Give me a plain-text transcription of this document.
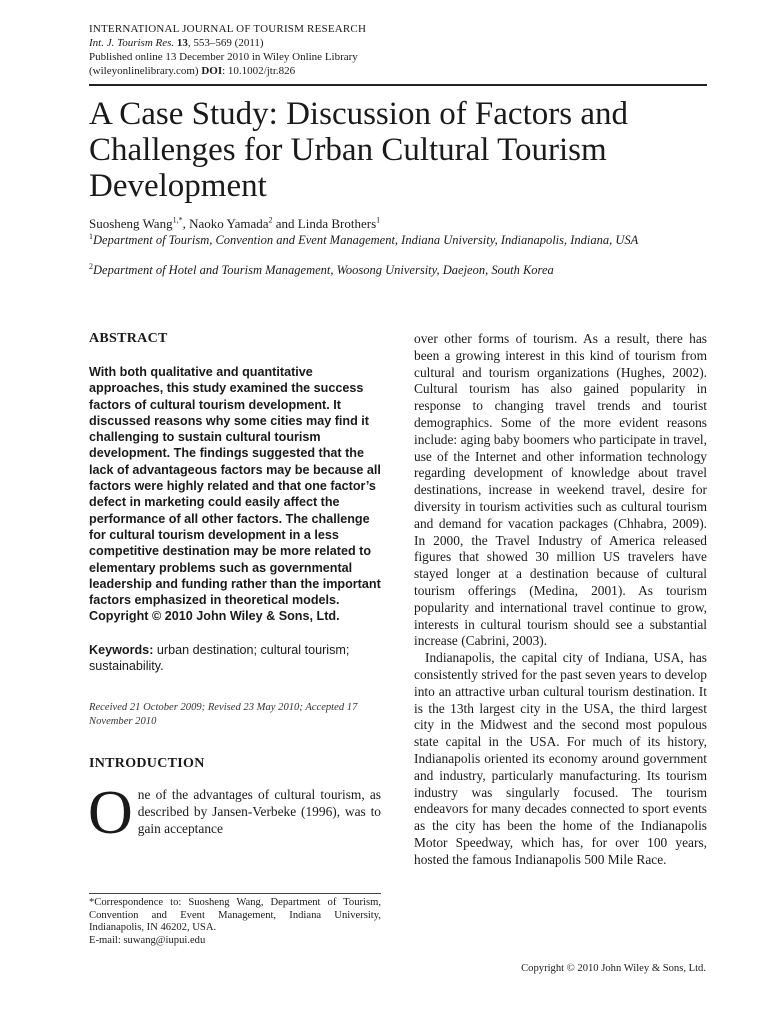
INTERNATIONAL JOURNAL OF TOURISM RESEARCH
Int. J. Tourism Res. 13, 553–569 (2011)
Published online 13 December 2010 in Wiley Online Library
(wileyonlinelibrary.com) DOI: 10.1002/jtr.826
A Case Study: Discussion of Factors and Challenges for Urban Cultural Tourism Development
Suosheng Wang$^{1,*}$, Naoko Yamada$^2$ and Linda Brothers$^1$
$^1$Department of Tourism, Convention and Event Management, Indiana University, Indianapolis, Indiana, USA
$^2$Department of Hotel and Tourism Management, Woosong University, Daejeon, South Korea
ABSTRACT
With both qualitative and quantitative approaches, this study examined the success factors of cultural tourism development. It discussed reasons why some cities may find it challenging to sustain cultural tourism development. The findings suggested that the lack of advantageous factors may be because all factors were highly related and that one factor’s defect in marketing could easily affect the performance of all other factors. The challenge for cultural tourism development in a less competitive destination may be more related to elementary problems such as governmental leadership and funding rather than the important factors emphasized in theoretical models. Copyright © 2010 John Wiley & Sons, Ltd.
Keywords: urban destination; cultural tourism; sustainability.
Received 21 October 2009; Revised 23 May 2010; Accepted 17 November 2010
INTRODUCTION
One of the advantages of cultural tourism, as described by Jansen-Verbeke (1996), was to gain acceptance
*Correspondence to: Suosheng Wang, Department of Tourism, Convention and Event Management, Indiana University, Indianapolis, IN 46202, USA.
E-mail: suwang@iupui.edu

over other forms of tourism. As a result, there has been a growing interest in this kind of tourism from cultural and tourism organizations (Hughes, 2002). Cultural tourism has also gained popularity in response to changing travel trends and tourist demographics. Some of the more evident reasons include: aging baby boomers who participate in travel, use of the Internet and other information technology regarding development of knowledge about travel destinations, increase in weekend travel, desire for diversity in tourism activities such as cultural tourism and demand for vacation packages (Chhabra, 2009). In 2000, the Travel Industry of America released figures that showed 30 million US travelers have stayed longer at a destination because of cultural tourism offerings (Medina, 2001). As tourism popularity and international travel continue to grow, interests in cultural tourism should see a substantial increase (Cabrini, 2003).

Indianapolis, the capital city of Indiana, USA, has consistently strived for the past seven years to develop into an attractive urban cultural tourism destination. It is the 13th largest city in the USA, the third largest city in the Midwest and the second most populous state capital in the USA. For much of its history, Indianapolis oriented its economy around government and industry, particularly manufacturing. Its tourism industry was singularly focused. The tourism endeavors for many decades connected to sport events as the city has been the home of the Indianapolis Motor Speedway, which has, for over 100 years, hosted the famous Indianapolis 500 Mile Race.

Copyright © 2010 John Wiley & Sons, Ltd.
